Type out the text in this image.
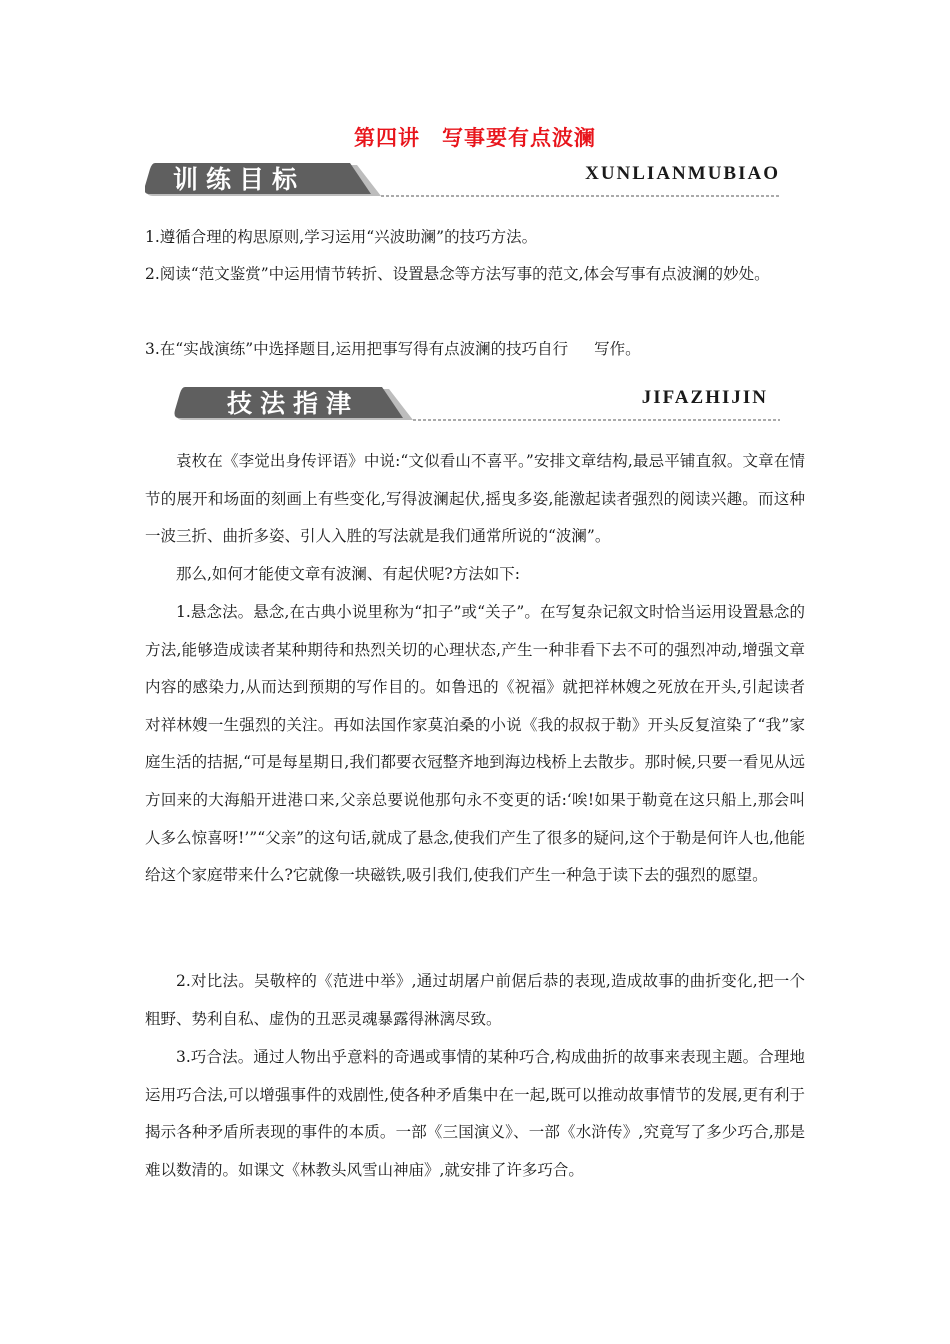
第四讲　写事要有点波澜
训练目标	XUNLIANMUBIAO

1.遵循合理的构思原则,学习运用“兴波助澜”的技巧方法。

2.阅读“范文鉴赏”中运用情节转折、设置悬念等方法写事的范文,体会写事有点波澜的妙处。

3.在“实战演练”中选择题目,运用把事写得有点波澜的技巧自行 写作。

技法指津	JIFAZHIJIN

袁枚在《李觉出身传评语》中说:“文似看山不喜平。”安排文章结构,最忌平铺直叙。文章在情节的展开和场面的刻画上有些变化,写得波澜起伏,摇曳多姿,能激起读者强烈的阅读兴趣。而这种一波三折、曲折多姿、引人入胜的写法就是我们通常所说的“波澜”。

那么,如何才能使文章有波澜、有起伏呢?方法如下:

1.悬念法。悬念,在古典小说里称为“扣子”或“关子”。在写复杂记叙文时恰当运用设置悬念的方法,能够造成读者某种期待和热烈关切的心理状态,产生一种非看下去不可的强烈冲动,增强文章内容的感染力,从而达到预期的写作目的。如鲁迅的《祝福》就把祥林嫂之死放在开头,引起读者对祥林嫂一生强烈的关注。再如法国作家莫泊桑的小说《我的叔叔于勒》开头反复渲染了“我”家庭生活的拮据,“可是每星期日,我们都要衣冠整齐地到海边栈桥上去散步。那时候,只要一看见从远方回来的大海船开进港口来,父亲总要说他那句永不变更的话:‘唉!如果于勒竟在这只船上,那会叫人多么惊喜呀!’”“父亲”的这句话,就成了悬念,使我们产生了很多的疑问,这个于勒是何许人也,他能给这个家庭带来什么?它就像一块磁铁,吸引我们,使我们产生一种急于读下去的强烈的愿望。

2.对比法。吴敬梓的《范进中举》,通过胡屠户前倨后恭的表现,造成故事的曲折变化,把一个粗野、势利自私、虚伪的丑恶灵魂暴露得淋漓尽致。

3.巧合法。通过人物出乎意料的奇遇或事情的某种巧合,构成曲折的故事来表现主题。合理地运用巧合法,可以增强事件的戏剧性,使各种矛盾集中在一起,既可以推动故事情节的发展,更有利于揭示各种矛盾所表现的事件的本质。一部《三国演义》、一部《水浒传》,究竟写了多少巧合,那是难以数清的。如课文《林教头风雪山神庙》,就安排了许多巧合。
